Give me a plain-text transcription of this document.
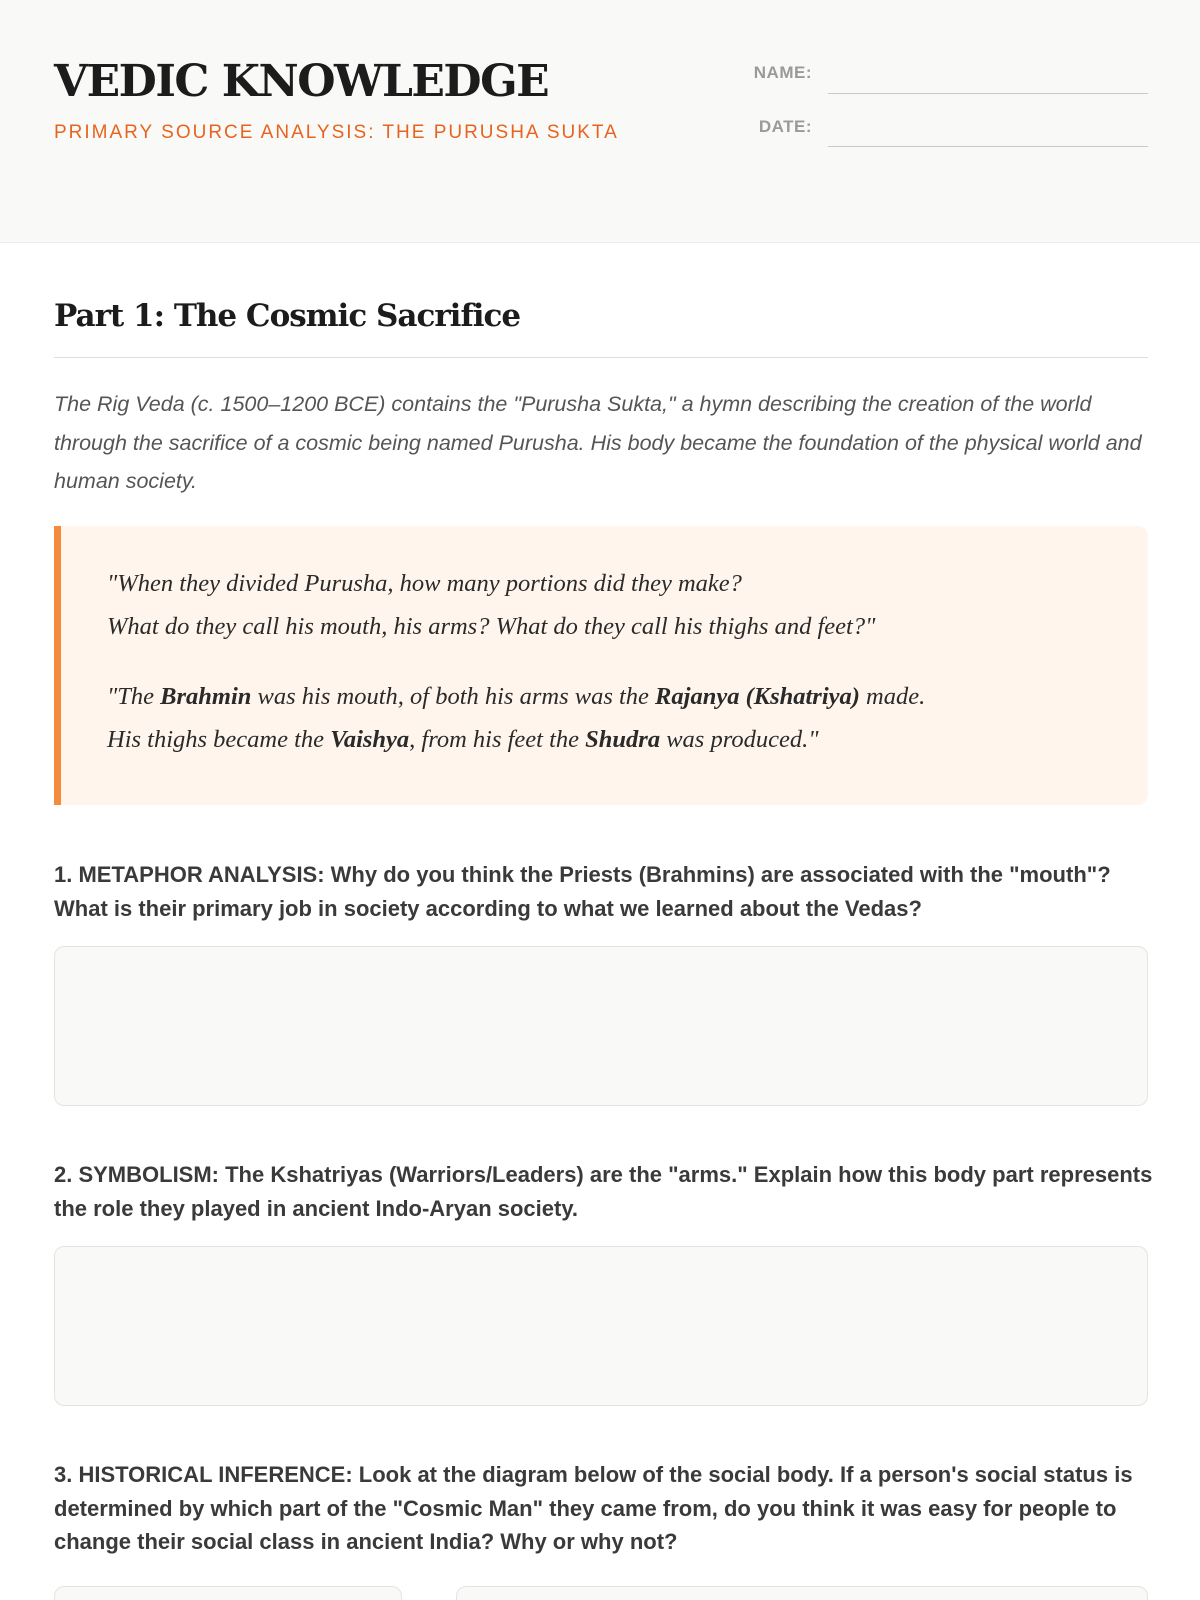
VEDIC KNOWLEDGE
PRIMARY SOURCE ANALYSIS: THE PURUSHA SUKTA
NAME:
DATE:
Part 1: The Cosmic Sacrifice
The Rig Veda (c. 1500–1200 BCE) contains the "Purusha Sukta," a hymn describing the creation of the world through the sacrifice of a cosmic being named Purusha. His body became the foundation of the physical world and human society.
"When they divided Purusha, how many portions did they make?
What do they call his mouth, his arms? What do they call his thighs and feet?"
"The Brahmin was his mouth, of both his arms was the Rajanya (Kshatriya) made.
His thighs became the Vaishya, from his feet the Shudra was produced."
1. METAPHOR ANALYSIS: Why do you think the Priests (Brahmins) are associated with the "mouth"? What is their primary job in society according to what we learned about the Vedas?
2. SYMBOLISM: The Kshatriyas (Warriors/Leaders) are the "arms." Explain how this body part represents the role they played in ancient Indo-Aryan society.
3. HISTORICAL INFERENCE: Look at the diagram below of the social body. If a person's social status is determined by which part of the "Cosmic Man" they came from, do you think it was easy for people to change their social class in ancient India? Why or why not?
